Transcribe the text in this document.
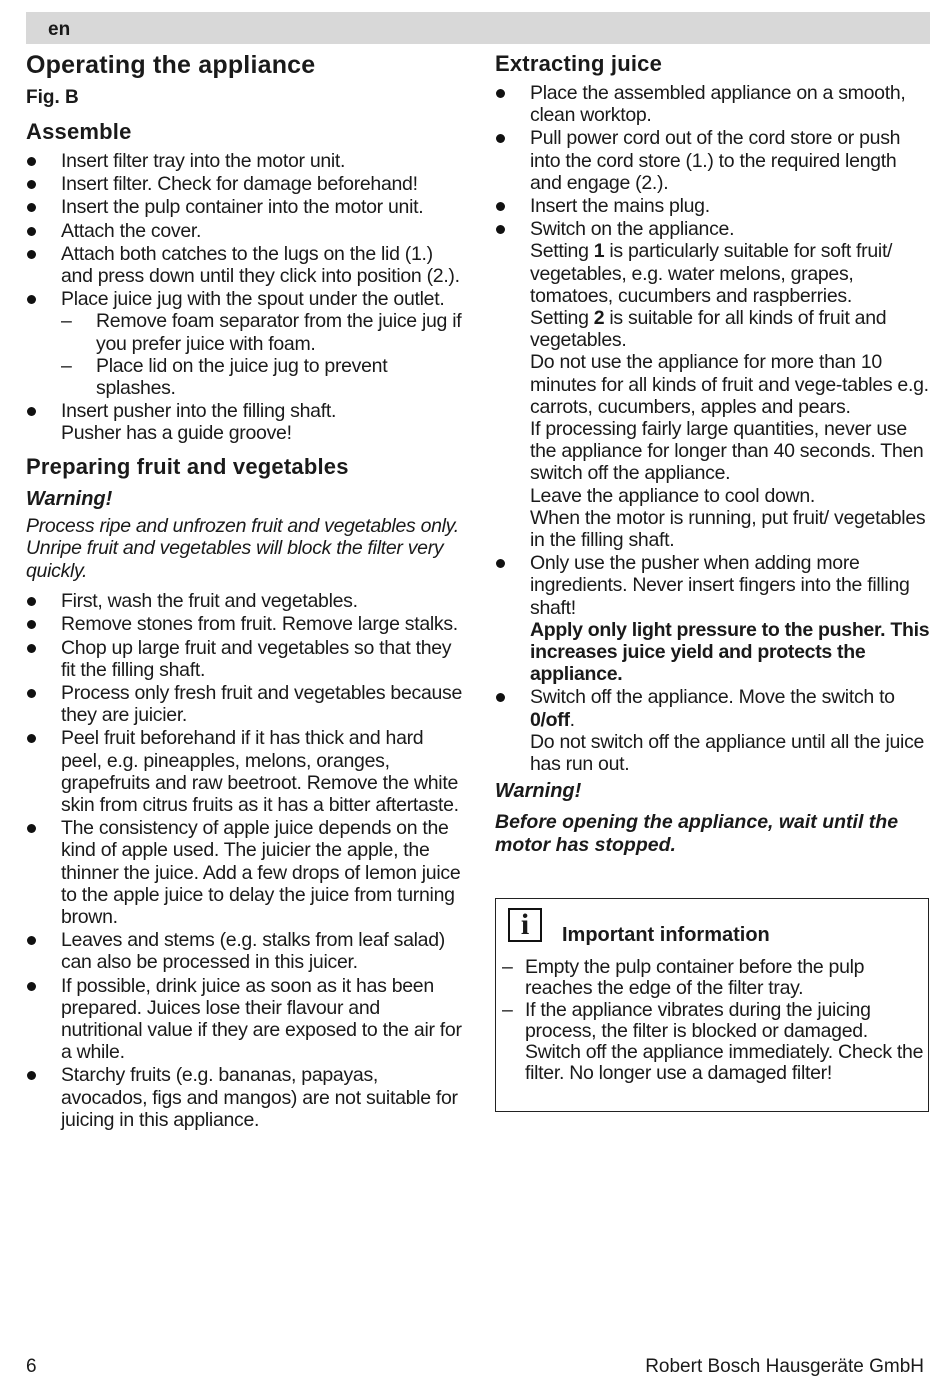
en
Operating the appliance
Fig. B
Assemble
Insert filter tray into the motor unit.
Insert filter. Check for damage beforehand!
Insert the pulp container into the motor unit.
Attach the cover.
Attach both catches to the lugs on the lid (1.) and press down until they click into position (2.).
Place juice jug with the spout under the outlet.
– Remove foam separator from the juice jug if you prefer juice with foam.
– Place lid on the juice jug to prevent splashes.
Insert pusher into the filling shaft.
Pusher has a guide groove!
Preparing fruit and vegetables
Warning!
Process ripe and unfrozen fruit and vegetables only. Unripe fruit and vegetables will block the filter very quickly.
First, wash the fruit and vegetables.
Remove stones from fruit. Remove large stalks.
Chop up large fruit and vegetables so that they fit the filling shaft.
Process only fresh fruit and vegetables because they are juicier.
Peel fruit beforehand if it has thick and hard peel, e.g. pineapples, melons, oranges, grapefruits and raw beetroot. Remove the white skin from citrus fruits as it has a bitter aftertaste.
The consistency of apple juice depends on the kind of apple used. The juicier the apple, the thinner the juice. Add a few drops of lemon juice to the apple juice to delay the juice from turning brown.
Leaves and stems (e.g. stalks from leaf salad) can also be processed in this juicer.
If possible, drink juice as soon as it has been prepared. Juices lose their flavour and nutritional value if they are exposed to the air for a while.
Starchy fruits (e.g. bananas, papayas, avocados, figs and mangos) are not suitable for juicing in this appliance.
Extracting juice
Place the assembled appliance on a smooth, clean worktop.
Pull power cord out of the cord store or push into the cord store (1.) to the required length and engage (2.).
Insert the mains plug.
Switch on the appliance.
Setting 1 is particularly suitable for soft fruit/ vegetables, e.g. water melons, grapes, tomatoes, cucumbers and raspberries.
Setting 2 is suitable for all kinds of fruit and vegetables.
Do not use the appliance for more than 10 minutes for all kinds of fruit and vege-tables e.g. carrots, cucumbers, apples and pears.
If processing fairly large quantities, never use the appliance for longer than 40 seconds. Then switch off the appliance.
Leave the appliance to cool down.
When the motor is running, put fruit/ vegetables in the filling shaft.
Only use the pusher when adding more ingredients. Never insert fingers into the filling shaft!
Apply only light pressure to the pusher. This increases juice yield and protects the appliance.
Switch off the appliance. Move the switch to 0/off.
Do not switch off the appliance until all the juice has run out.
Warning!
Before opening the appliance, wait until the motor has stopped.
i	Important information
– Empty the pulp container before the pulp reaches the edge of the filter tray.
– If the appliance vibrates during the juicing process, the filter is blocked or damaged. Switch off the appliance immediately. Check the filter. No longer use a damaged filter!
6	Robert Bosch Hausgeräte GmbH
